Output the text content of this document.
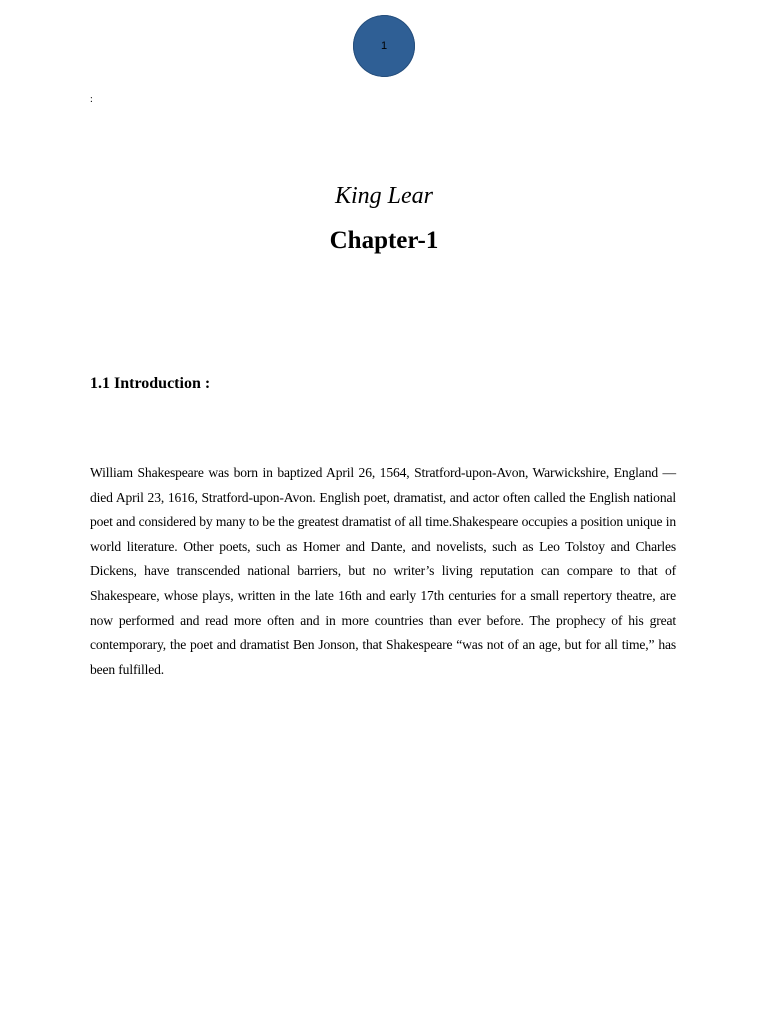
1
:
King Lear
Chapter-1
1.1 Introduction :

William Shakespeare was born in baptized April 26, 1564, Stratford-upon-Avon, Warwickshire, England —died April 23, 1616, Stratford-upon-Avon. English poet, dramatist, and actor often called the English national poet and considered by many to be the greatest dramatist of all time.Shakespeare occupies a position unique in world literature. Other poets, such as Homer and Dante, and novelists, such as Leo Tolstoy and Charles Dickens, have transcended national barriers, but no writer’s living reputation can compare to that of Shakespeare, whose plays, written in the late 16th and early 17th centuries for a small repertory theatre, are now performed and read more often and in more countries than ever before. The prophecy of his great contemporary, the poet and dramatist Ben Jonson, that Shakespeare “was not of an age, but for all time,” has been fulfilled.
